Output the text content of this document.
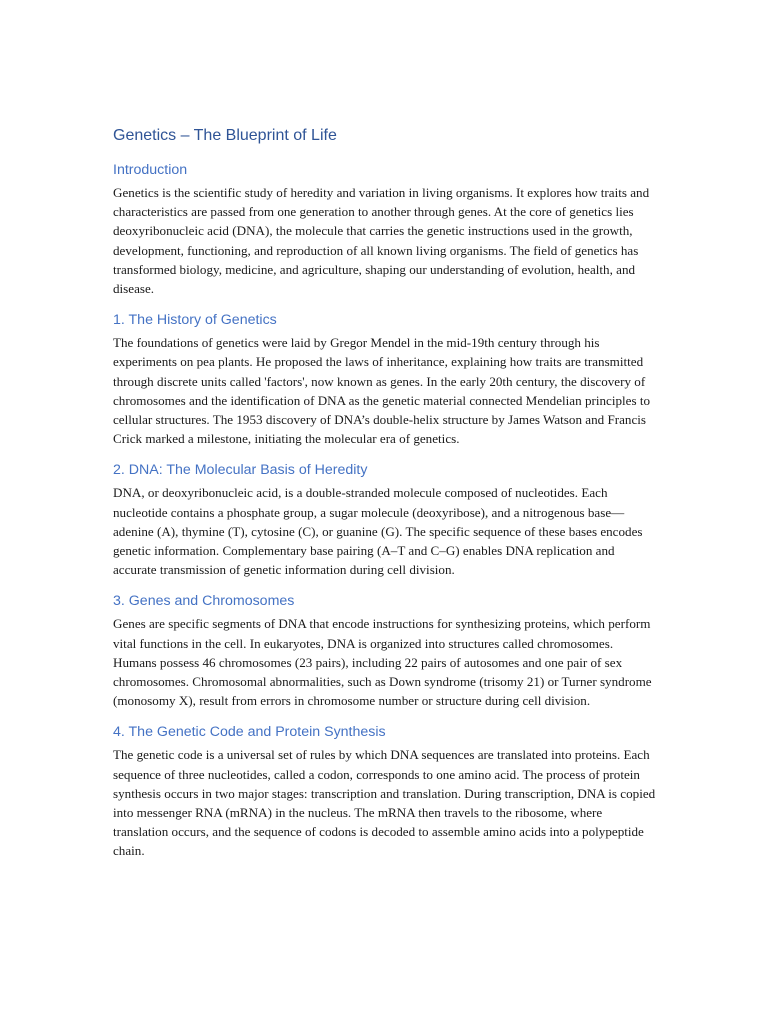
Genetics – The Blueprint of Life
Introduction

Genetics is the scientific study of heredity and variation in living organisms. It explores how traits and characteristics are passed from one generation to another through genes. At the core of genetics lies deoxyribonucleic acid (DNA), the molecule that carries the genetic instructions used in the growth, development, functioning, and reproduction of all known living organisms. The field of genetics has transformed biology, medicine, and agriculture, shaping our understanding of evolution, health, and disease.

1. The History of Genetics

The foundations of genetics were laid by Gregor Mendel in the mid-19th century through his experiments on pea plants. He proposed the laws of inheritance, explaining how traits are transmitted through discrete units called 'factors', now known as genes. In the early 20th century, the discovery of chromosomes and the identification of DNA as the genetic material connected Mendelian principles to cellular structures. The 1953 discovery of DNA’s double-helix structure by James Watson and Francis Crick marked a milestone, initiating the molecular era of genetics.

2. DNA: The Molecular Basis of Heredity

DNA, or deoxyribonucleic acid, is a double-stranded molecule composed of nucleotides. Each nucleotide contains a phosphate group, a sugar molecule (deoxyribose), and a nitrogenous base—adenine (A), thymine (T), cytosine (C), or guanine (G). The specific sequence of these bases encodes genetic information. Complementary base pairing (A–T and C–G) enables DNA replication and accurate transmission of genetic information during cell division.

3. Genes and Chromosomes

Genes are specific segments of DNA that encode instructions for synthesizing proteins, which perform vital functions in the cell. In eukaryotes, DNA is organized into structures called chromosomes. Humans possess 46 chromosomes (23 pairs), including 22 pairs of autosomes and one pair of sex chromosomes. Chromosomal abnormalities, such as Down syndrome (trisomy 21) or Turner syndrome (monosomy X), result from errors in chromosome number or structure during cell division.

4. The Genetic Code and Protein Synthesis

The genetic code is a universal set of rules by which DNA sequences are translated into proteins. Each sequence of three nucleotides, called a codon, corresponds to one amino acid. The process of protein synthesis occurs in two major stages: transcription and translation. During transcription, DNA is copied into messenger RNA (mRNA) in the nucleus. The mRNA then travels to the ribosome, where translation occurs, and the sequence of codons is decoded to assemble amino acids into a polypeptide chain.
